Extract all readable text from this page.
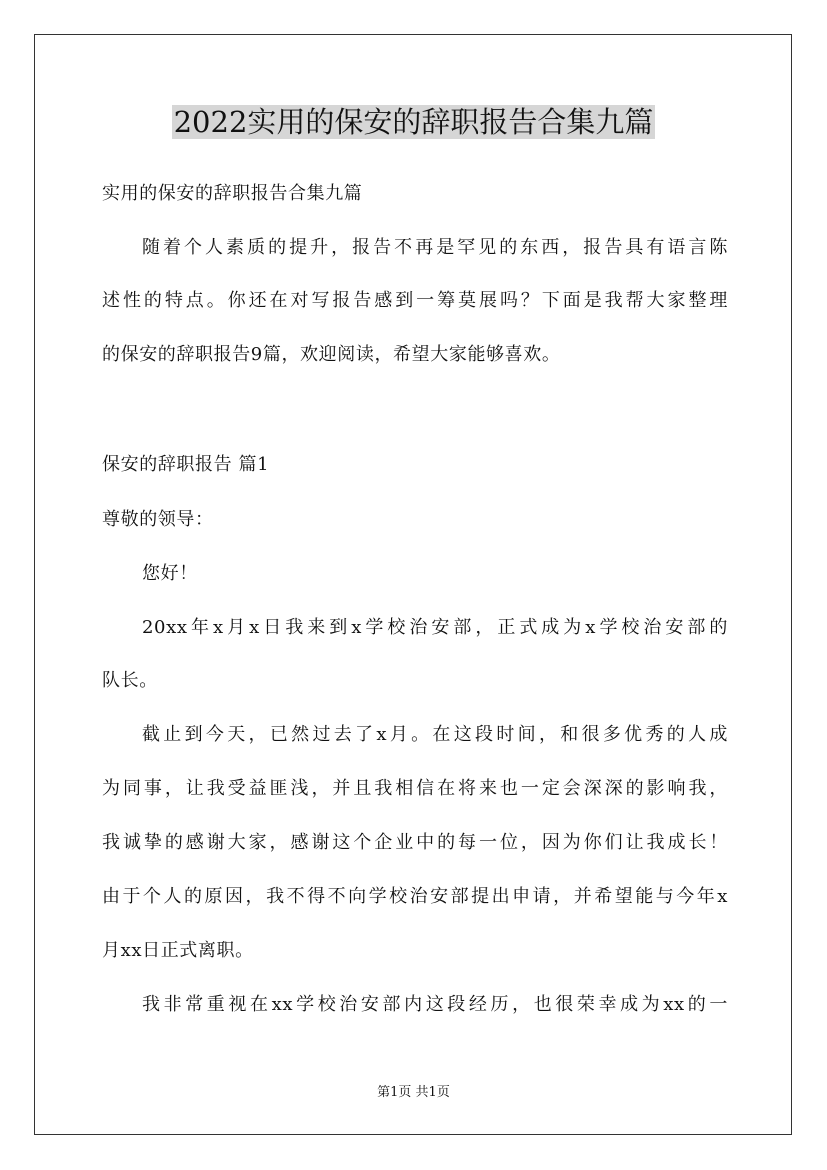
2022实用的保安的辞职报告合集九篇
实用的保安的辞职报告合集九篇
随着个人素质的提升，报告不再是罕见的东西，报告具有语言陈
述性的特点。你还在对写报告感到一筹莫展吗？下面是我帮大家整理
的保安的辞职报告9篇，欢迎阅读，希望大家能够喜欢。
保安的辞职报告 篇1
尊敬的领导：
您好！
20xx年x月x日我来到x学校治安部，正式成为x学校治安部的
队长。
截止到今天，已然过去了x月。在这段时间，和很多优秀的人成
为同事，让我受益匪浅，并且我相信在将来也一定会深深的影响我，
我诚挚的感谢大家，感谢这个企业中的每一位，因为你们让我成长！
由于个人的原因，我不得不向学校治安部提出申请，并希望能与今年x
月xx日正式离职。
我非常重视在xx学校治安部内这段经历，也很荣幸成为xx的一
第1页 共1页
